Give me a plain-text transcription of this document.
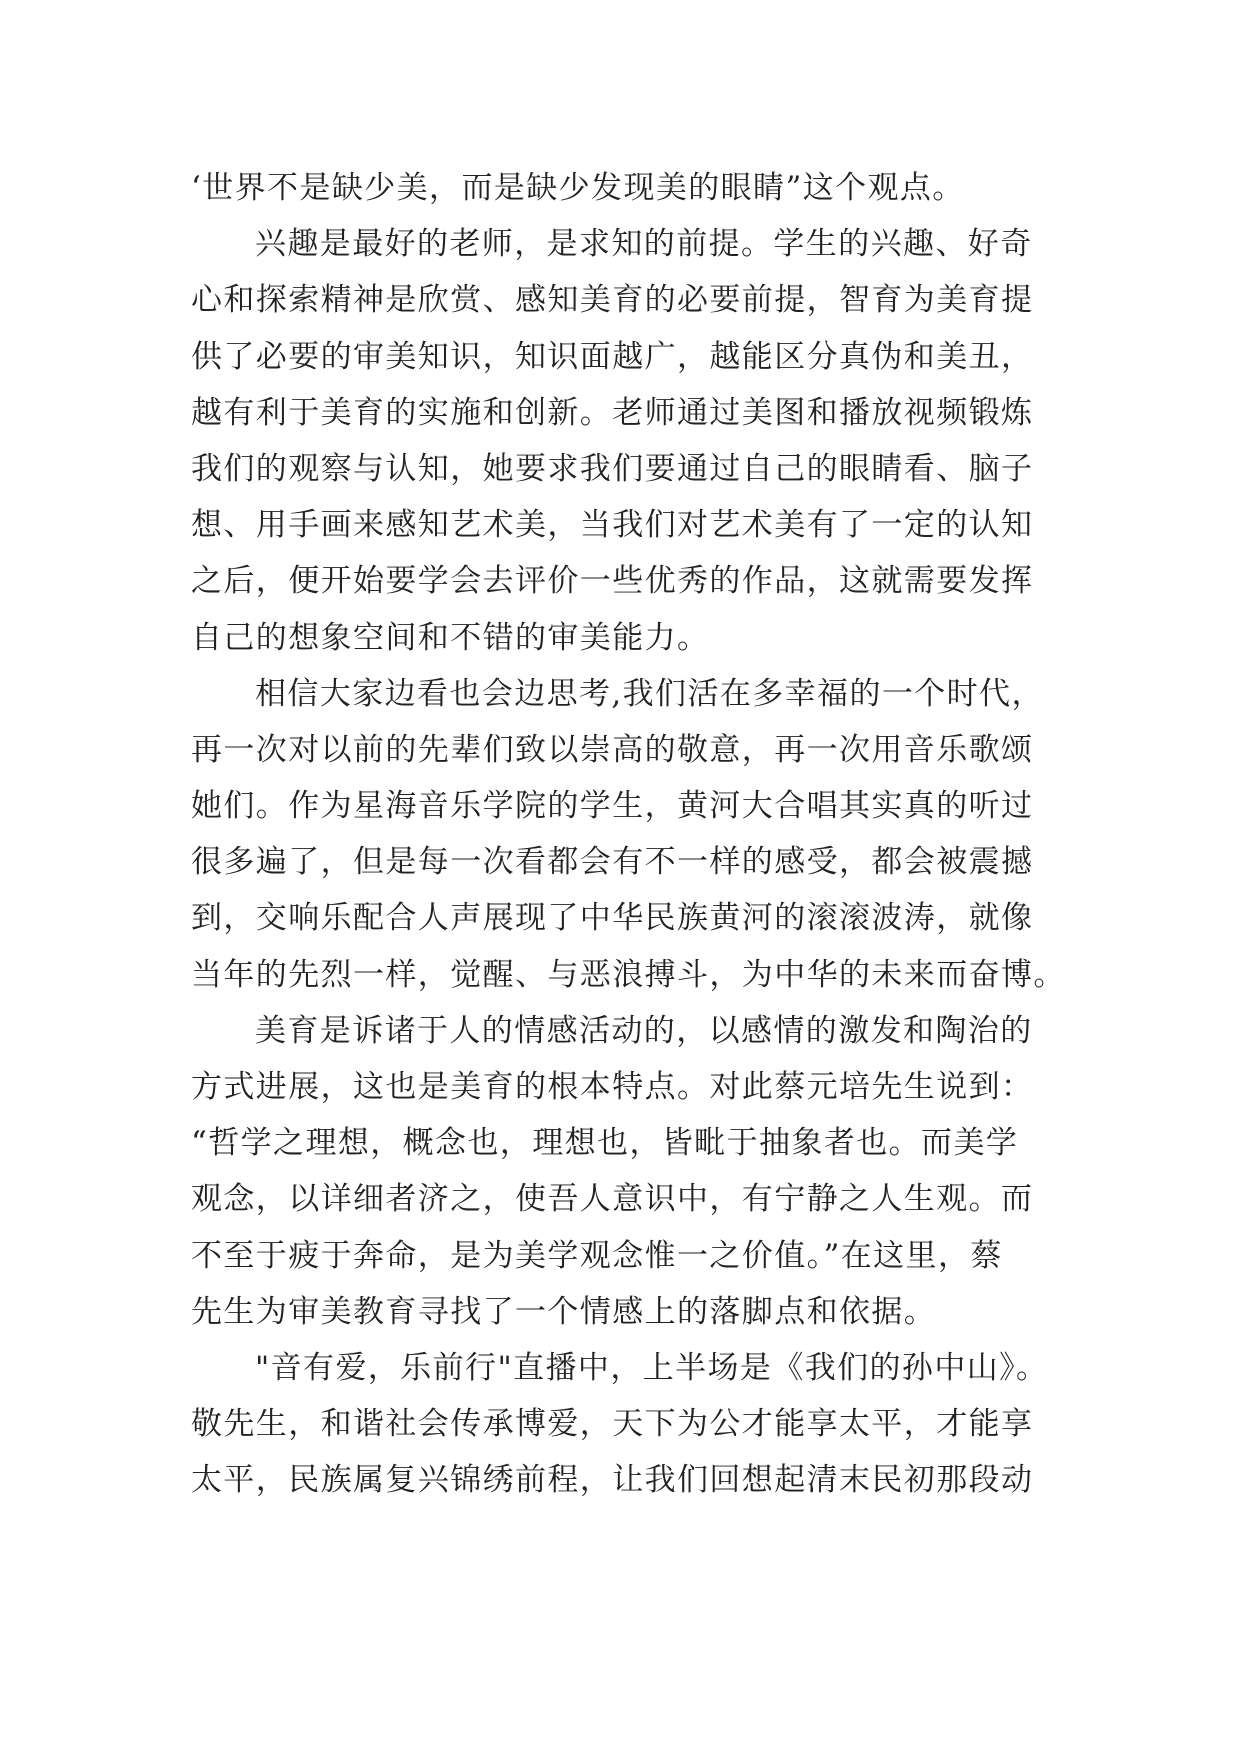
‘世界不是缺少美，而是缺少发现美的眼睛”这个观点。
兴趣是最好的老师，是求知的前提。学生的兴趣、好奇
心和探索精神是欣赏、感知美育的必要前提，智育为美育提
供了必要的审美知识，知识面越广，越能区分真伪和美丑，
越有利于美育的实施和创新。老师通过美图和播放视频锻炼
我们的观察与认知，她要求我们要通过自己的眼睛看、脑子
想、用手画来感知艺术美，当我们对艺术美有了一定的认知
之后，便开始要学会去评价一些优秀的作品，这就需要发挥
自己的想象空间和不错的审美能力。
相信大家边看也会边思考,我们活在多幸福的一个时代，
再一次对以前的先辈们致以崇高的敬意，再一次用音乐歌颂
她们。作为星海音乐学院的学生，黄河大合唱其实真的听过
很多遍了，但是每一次看都会有不一样的感受，都会被震撼
到，交响乐配合人声展现了中华民族黄河的滚滚波涛，就像
当年的先烈一样，觉醒、与恶浪搏斗，为中华的未来而奋博。
美育是诉诸于人的情感活动的，以感情的激发和陶治的
方式进展，这也是美育的根本特点。对此蔡元培先生说到：
“哲学之理想，概念也，理想也，皆毗于抽象者也。而美学
观念，以详细者济之，使吾人意识中，有宁静之人生观。而
不至于疲于奔命，是为美学观念惟一之价值。”在这里，蔡
先生为审美教育寻找了一个情感上的落脚点和依据。
"音有爱，乐前行"直播中，上半场是《我们的孙中山》。
敬先生，和谐社会传承博爱，天下为公才能享太平，才能享
太平，民族属复兴锦绣前程，让我们回想起清末民初那段动
